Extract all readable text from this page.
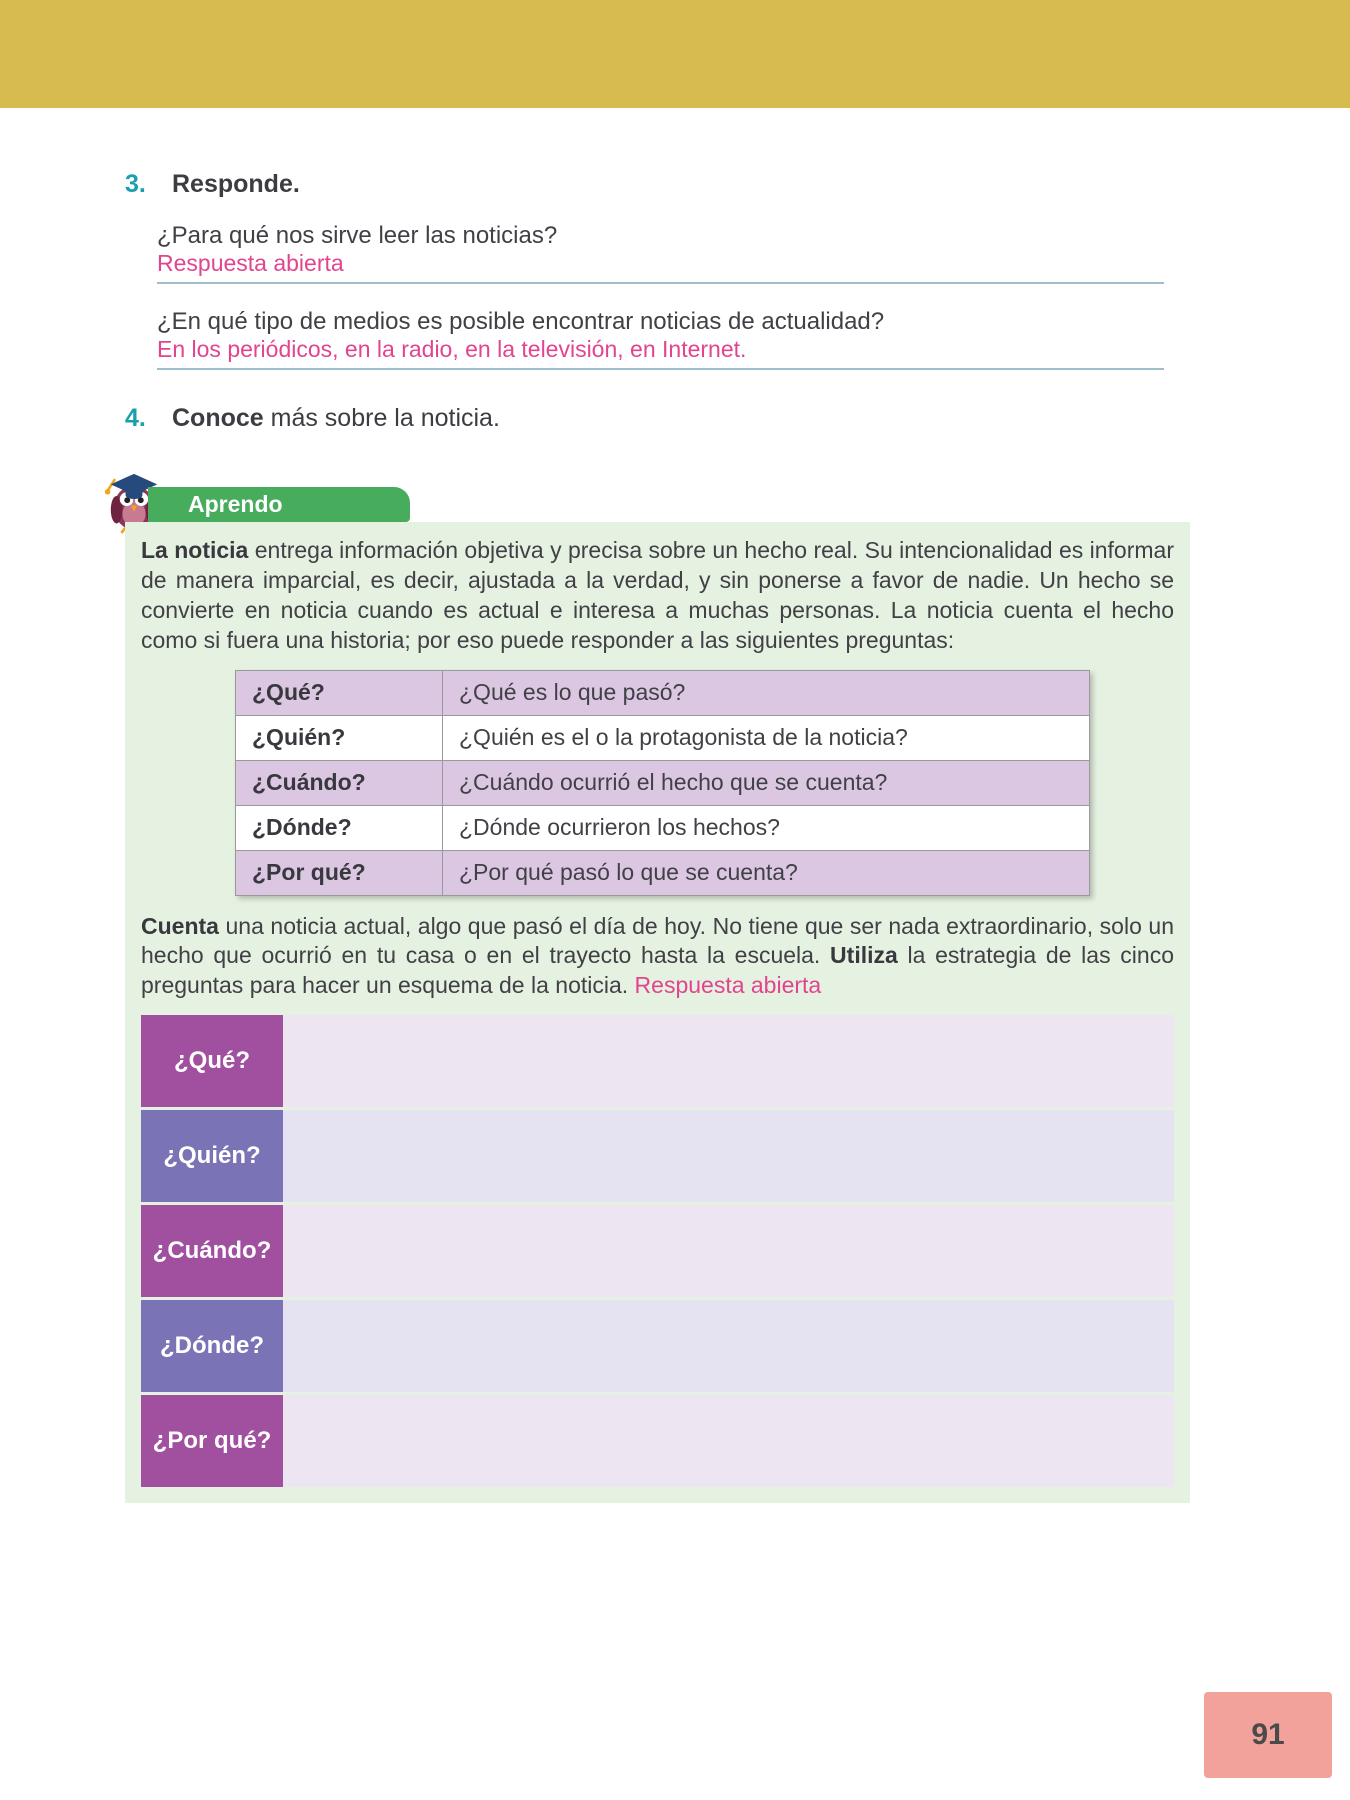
3. Responde.
¿Para qué nos sirve leer las noticias?
Respuesta abierta
¿En qué tipo de medios es posible encontrar noticias de actualidad?
En los periódicos, en la radio, en la televisión, en Internet.
4. Conoce más sobre la noticia.
Aprendo

La noticia entrega información objetiva y precisa sobre un hecho real. Su intencionalidad es informar de manera imparcial, es decir, ajustada a la verdad, y sin ponerse a favor de nadie. Un hecho se convierte en noticia cuando es actual e interesa a muchas personas. La noticia cuenta el hecho como si fuera una historia; por eso puede responder a las siguientes preguntas:

¿Qué?	¿Qué es lo que pasó?
¿Quién?	¿Quién es el o la protagonista de la noticia?
¿Cuándo?	¿Cuándo ocurrió el hecho que se cuenta?
¿Dónde?	¿Dónde ocurrieron los hechos?
¿Por qué?	¿Por qué pasó lo que se cuenta?

Cuenta una noticia actual, algo que pasó el día de hoy. No tiene que ser nada extraordinario, solo un hecho que ocurrió en tu casa o en el trayecto hasta la escuela. Utiliza la estrategia de las cinco preguntas para hacer un esquema de la noticia. Respuesta abierta

¿Qué?
¿Quién?
¿Cuándo?
¿Dónde?
¿Por qué?
91
